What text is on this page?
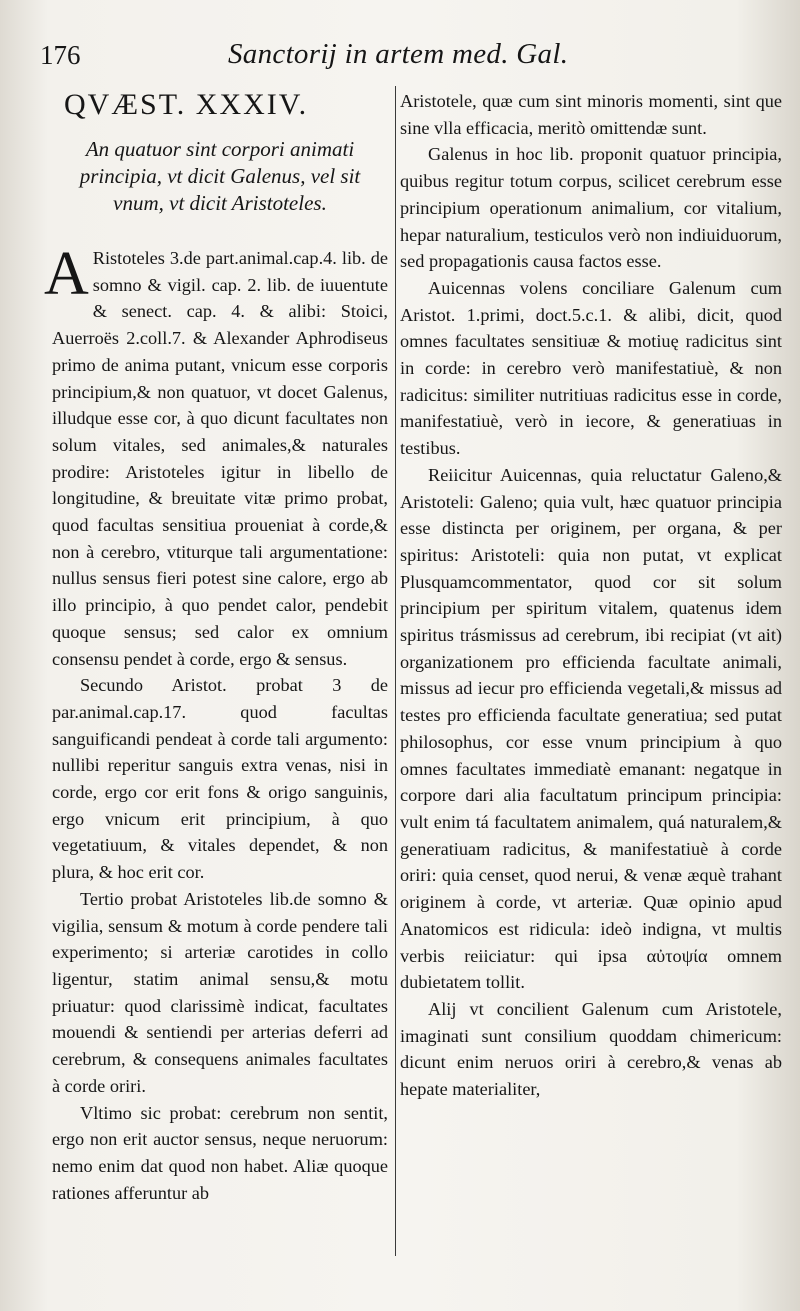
176	Sanctorij in artem med. Gal.
QVÆST. XXXIV.
An quatuor sint corpori animati principia, vt dicit Galenus, vel sit vnum, vt dicit Aristoteles.

A Ristoteles 3.de part.animal.cap.4. lib. de somno & vigil. cap. 2. lib. de iuuentute & senect. cap. 4. & alibi: Stoici, Auerroës 2.coll.7. & Alexander Aphrodiseus primo de anima putant, vnicum esse corporis principium,& non quatuor, vt docet Galenus, illudque esse cor, à quo dicunt facultates non solum vitales, sed animales,& naturales prodire: Aristoteles igitur in libello de longitudine, & breuitate vitæ primo probat, quod facultas sensitiua proueniat à corde,& non à cerebro, vtiturque tali argumentatione: nullus sensus fieri potest sine calore, ergo ab illo principio, à quo pendet calor, pendebit quoque sensus; sed calor ex omnium consensu pendet à corde, ergo & sensus.

Secundo Aristot. probat 3 de par.animal.cap.17. quod facultas sanguificandi pendeat à corde tali argumento: nullibi reperitur sanguis extra venas, nisi in corde, ergo cor erit fons & origo sanguinis, ergo vnicum erit principium, à quo vegetatiuum, & vitales dependet, & non plura, & hoc erit cor.

Tertio probat Aristoteles lib.de somno & vigilia, sensum & motum à corde pendere tali experimento; si arteriæ carotides in collo ligentur, statim animal sensu,& motu priuatur: quod clarissimè indicat, facultates mouendi & sentiendi per arterias deferri ad cerebrum, & consequens animales facultates à corde oriri.

Vltimo sic probat: cerebrum non sentit, ergo non erit auctor sensus, neque neruorum: nemo enim dat quod non habet. Aliæ quoque rationes afferuntur ab

Aristotele, quæ cum sint minoris momenti, sint que sine vlla efficacia, meritò omittendæ sunt.

Galenus in hoc lib. proponit quatuor principia, quibus regitur totum corpus, scilicet cerebrum esse principium operationum animalium, cor vitalium, hepar naturalium, testiculos verò non indiuiduorum, sed propagationis causa factos esse.

Auicennas volens conciliare Galenum cum Aristot. 1.primi, doct.5.c.1. & alibi, dicit, quod omnes facultates sensitiuæ & motiuę radicitus sint in corde: in cerebro verò manifestatiuè, & non radicitus: similiter nutritiuas radicitus esse in corde, manifestatiuè, verò in iecore, & generatiuas in testibus.

Reiicitur Auicennas, quia reluctatur Galeno,& Aristoteli: Galeno; quia vult, hæc quatuor principia esse distincta per originem, per organa, & per spiritus: Aristoteli: quia non putat, vt explicat Plusquamcommentator, quod cor sit solum principium per spiritum vitalem, quatenus idem spiritus trásmissus ad cerebrum, ibi recipiat (vt ait) organizationem pro efficienda facultate animali, missus ad iecur pro efficienda vegetali,& missus ad testes pro efficienda facultate generatiua; sed putat philosophus, cor esse vnum principium à quo omnes facultates immediatè emanant: negatque in corpore dari alia facultatum principum principia: vult enim tá facultatem animalem, quá naturalem,& generatiuam radicitus, & manifestatiuè à corde oriri: quia censet, quod nerui, & venæ æquè trahant originem à corde, vt arteriæ. Quæ opinio apud Anatomicos est ridicula: ideò indigna, vt multis verbis reiiciatur: qui ipsa αὐτοψία omnem dubietatem tollit.

Alij vt concilient Galenum cum Aristotele, imaginati sunt consilium quoddam chimericum: dicunt enim neruos oriri à cerebro,& venas ab hepate materialiter,
